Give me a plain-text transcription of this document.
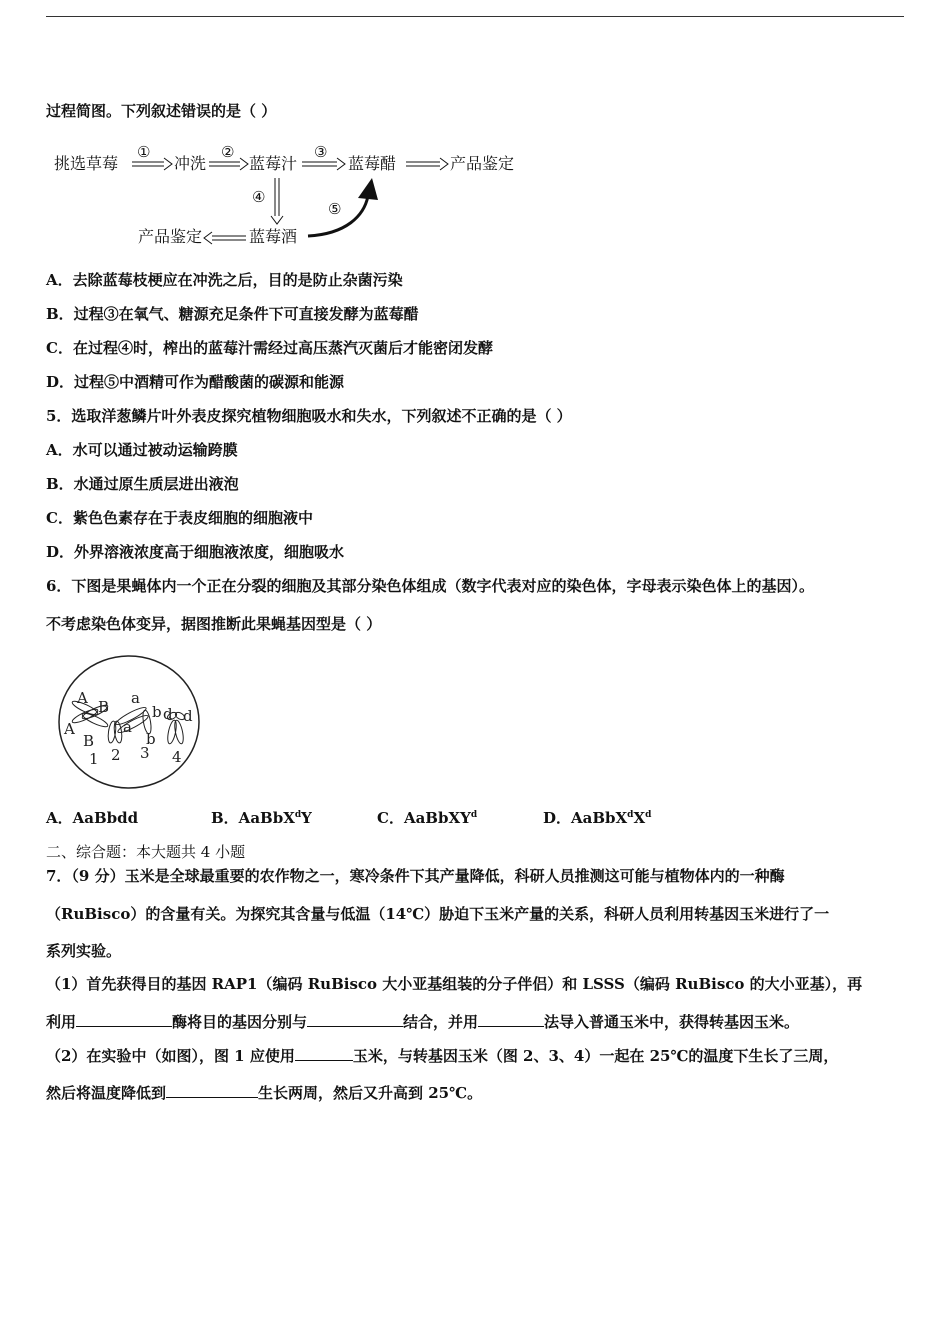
过程简图。下列叙述错误的是（ ）
挑选草莓
①
冲洗
②
蓝莓汁
③
蓝莓醋	产品鉴定
④
⑤
蓝莓酒
产品鉴定
A．去除蓝莓枝梗应在冲洗之后，目的是防止杂菌污染
B．过程③在氧气、糖源充足条件下可直接发酵为蓝莓醋
C．在过程④时，榨出的蓝莓汁需经过高压蒸汽灭菌后才能密闭发酵
D．过程⑤中酒精可作为醋酸菌的碳源和能源
5．选取洋葱鳞片叶外表皮探究植物细胞吸水和失水，下列叙述不正确的是（ ）
A．水可以通过被动运输跨膜
B．水通过原生质层进出液泡
C．紫色色素存在于表皮细胞的细胞液中
D．外界溶液浓度高于细胞液浓度，细胞吸水
6．下图是果蝇体内一个正在分裂的细胞及其部分染色体组成（数字代表对应的染色体，字母表示染色体上的基因）。
不考虑染色体变异，据图推断此果蝇基因型是（ ）
A B
A
B
1
a
2
a
b
b
3
d d
4
A．AaBbdd	B．AaBbX$^d$Y	C．AaBbXY$^d$	D．$AaBbX^dX^d$
二、综合题：本大题共 4 小题
7．（9 分）玉米是全球最重要的农作物之一，寒冷条件下其产量降低，科研人员推测这可能与植物体内的一种酶
（RuBisco）的含量有关。为探究其含量与低温（14℃）胁迫下玉米产量的关系，科研人员利用转基因玉米进行了一
系列实验。
（1）首先获得目的基因 RAP1（编码 RuBisco 大小亚基组装的分子伴侣）和 LSSS（编码 RuBisco 的大小亚基），再
利用	酶将目的基因分别与	结合，并用	法导入普通玉米中，获得转基因玉米。
（2）在实验中（如图），图 1 应使用	玉米，与转基因玉米（图 2、3、4）一起在 25℃的温度下生长了三周，
然后将温度降低到	生长两周，然后又升高到 25℃。
